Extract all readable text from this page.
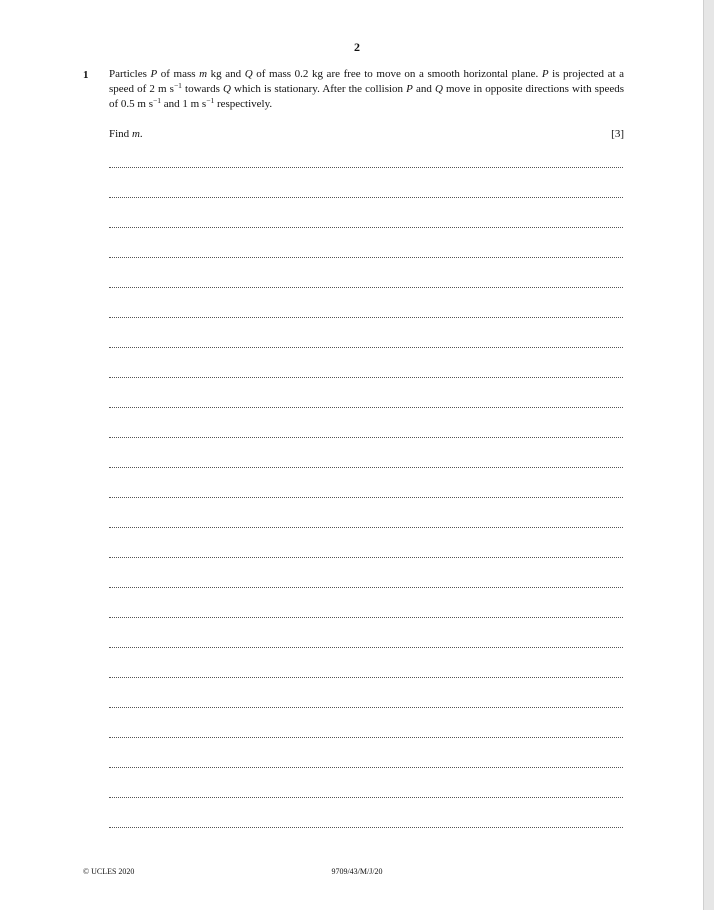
2
1 Particles P of mass m kg and Q of mass 0.2 kg are free to move on a smooth horizontal plane. P is projected at a speed of 2 m $s^{-1}$ towards Q which is stationary. After the collision P and Q move in opposite directions with speeds of 0.5 m $s^{-1}$ and 1 m $s^{-1}$ respectively.
Find m.	[3]
© UCLES 2020	9709/43/M/J/20
